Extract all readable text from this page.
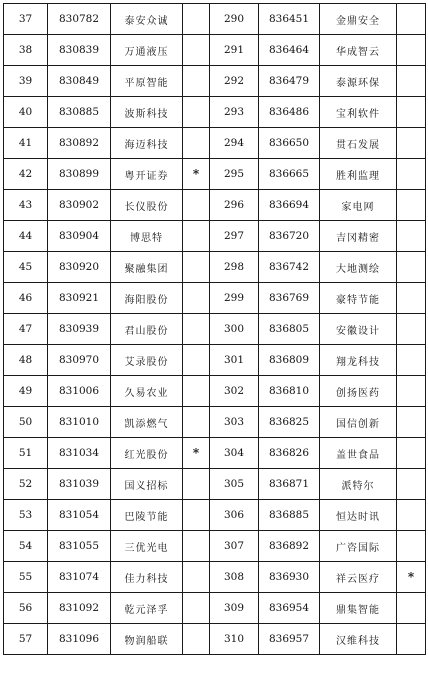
37	830782	泰安众诚		290	836451	金鼎安全	
38	830839	万通液压		291	836464	华成智云	
39	830849	平原智能		292	836479	泰源环保	
40	830885	波斯科技		293	836486	宝利软件	
41	830892	海迈科技		294	836650	贯石发展	
42	830899	粤开证券	*	295	836665	胜利监理	
43	830902	长仪股份		296	836694	家电网	
44	830904	博思特		297	836720	吉冈精密	
45	830920	聚融集团		298	836742	大地测绘	
46	830921	海阳股份		299	836769	豪特节能	
47	830939	君山股份		300	836805	安徽设计	
48	830970	艾录股份		301	836809	翔龙科技	
49	831006	久易农业		302	836810	创扬医药	
50	831010	凯添燃气		303	836825	国信创新	
51	831034	红光股份	*	304	836826	盖世食品	
52	831039	国义招标		305	836871	派特尔	
53	831054	巴陵节能		306	836885	恒达时讯	
54	831055	三优光电		307	836892	广咨国际	
55	831074	佳力科技		308	836930	祥云医疗	*
56	831092	乾元泽孚		309	836954	鼎集智能	
57	831096	物润船联		310	836957	汉维科技	
